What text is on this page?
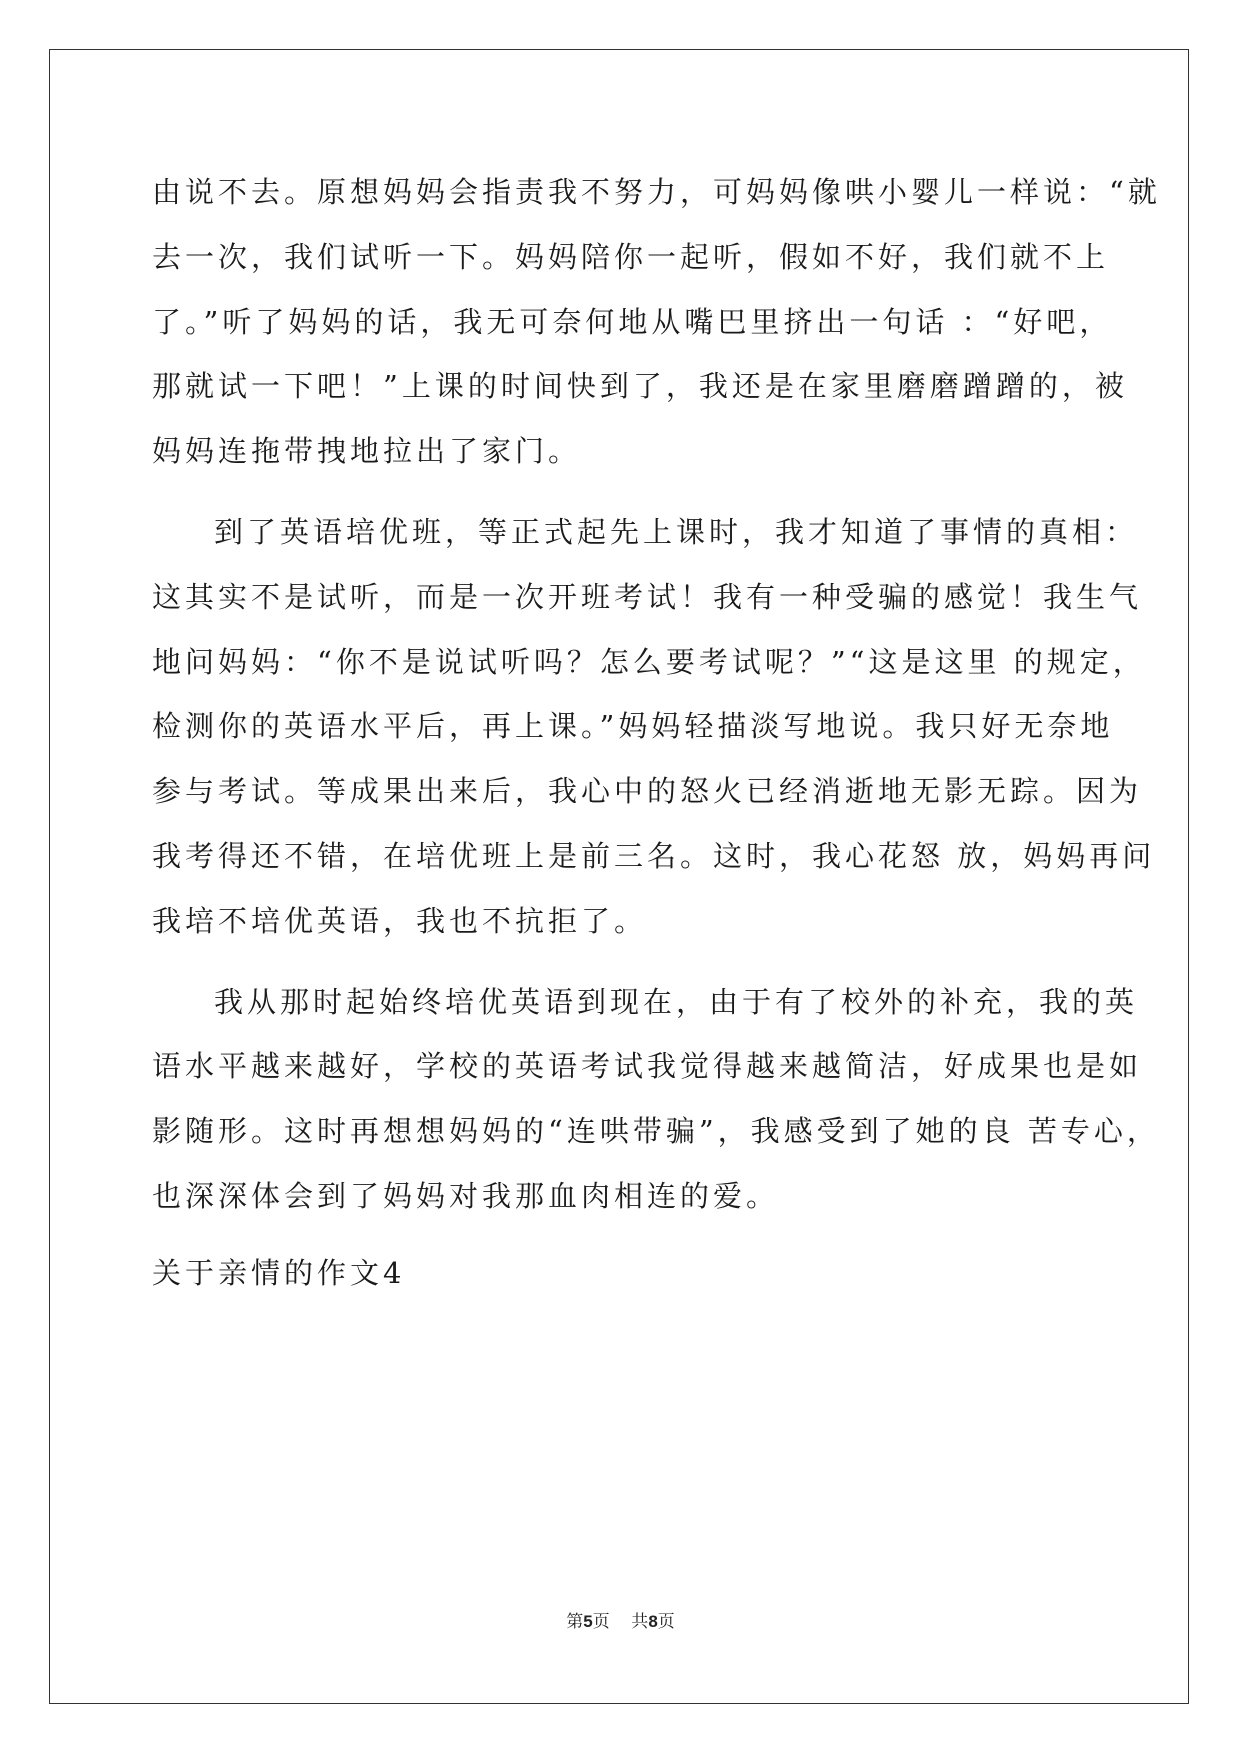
由说不去。原想妈妈会指责我不努力，可妈妈像哄小婴儿一样说：“就
去一次，我们试听一下。妈妈陪你一起听，假如不好，我们就不上
了。”听了妈妈的话，我无可奈何地从嘴巴里挤出一句话 ：“好吧，
那就试一下吧！”上课的时间快到了，我还是在家里磨磨蹭蹭的，被
妈妈连拖带拽地拉出了家门。
到了英语培优班，等正式起先上课时，我才知道了事情的真相：
这其实不是试听，而是一次开班考试！我有一种受骗的感觉！我生气
地问妈妈：“你不是说试听吗？怎么要考试呢？”“这是这里 的规定，
检测你的英语水平后，再上课。”妈妈轻描淡写地说。我只好无奈地
参与考试。等成果出来后，我心中的怒火已经消逝地无影无踪。因为
我考得还不错，在培优班上是前三名。这时，我心花怒 放，妈妈再问
我培不培优英语，我也不抗拒了。
我从那时起始终培优英语到现在，由于有了校外的补充，我的英
语水平越来越好，学校的英语考试我觉得越来越简洁，好成果也是如
影随形。这时再想想妈妈的“连哄带骗”，我感受到了她的良 苦专心，
也深深体会到了妈妈对我那血肉相连的爱。
关于亲情的作文4
第5页    共8页
